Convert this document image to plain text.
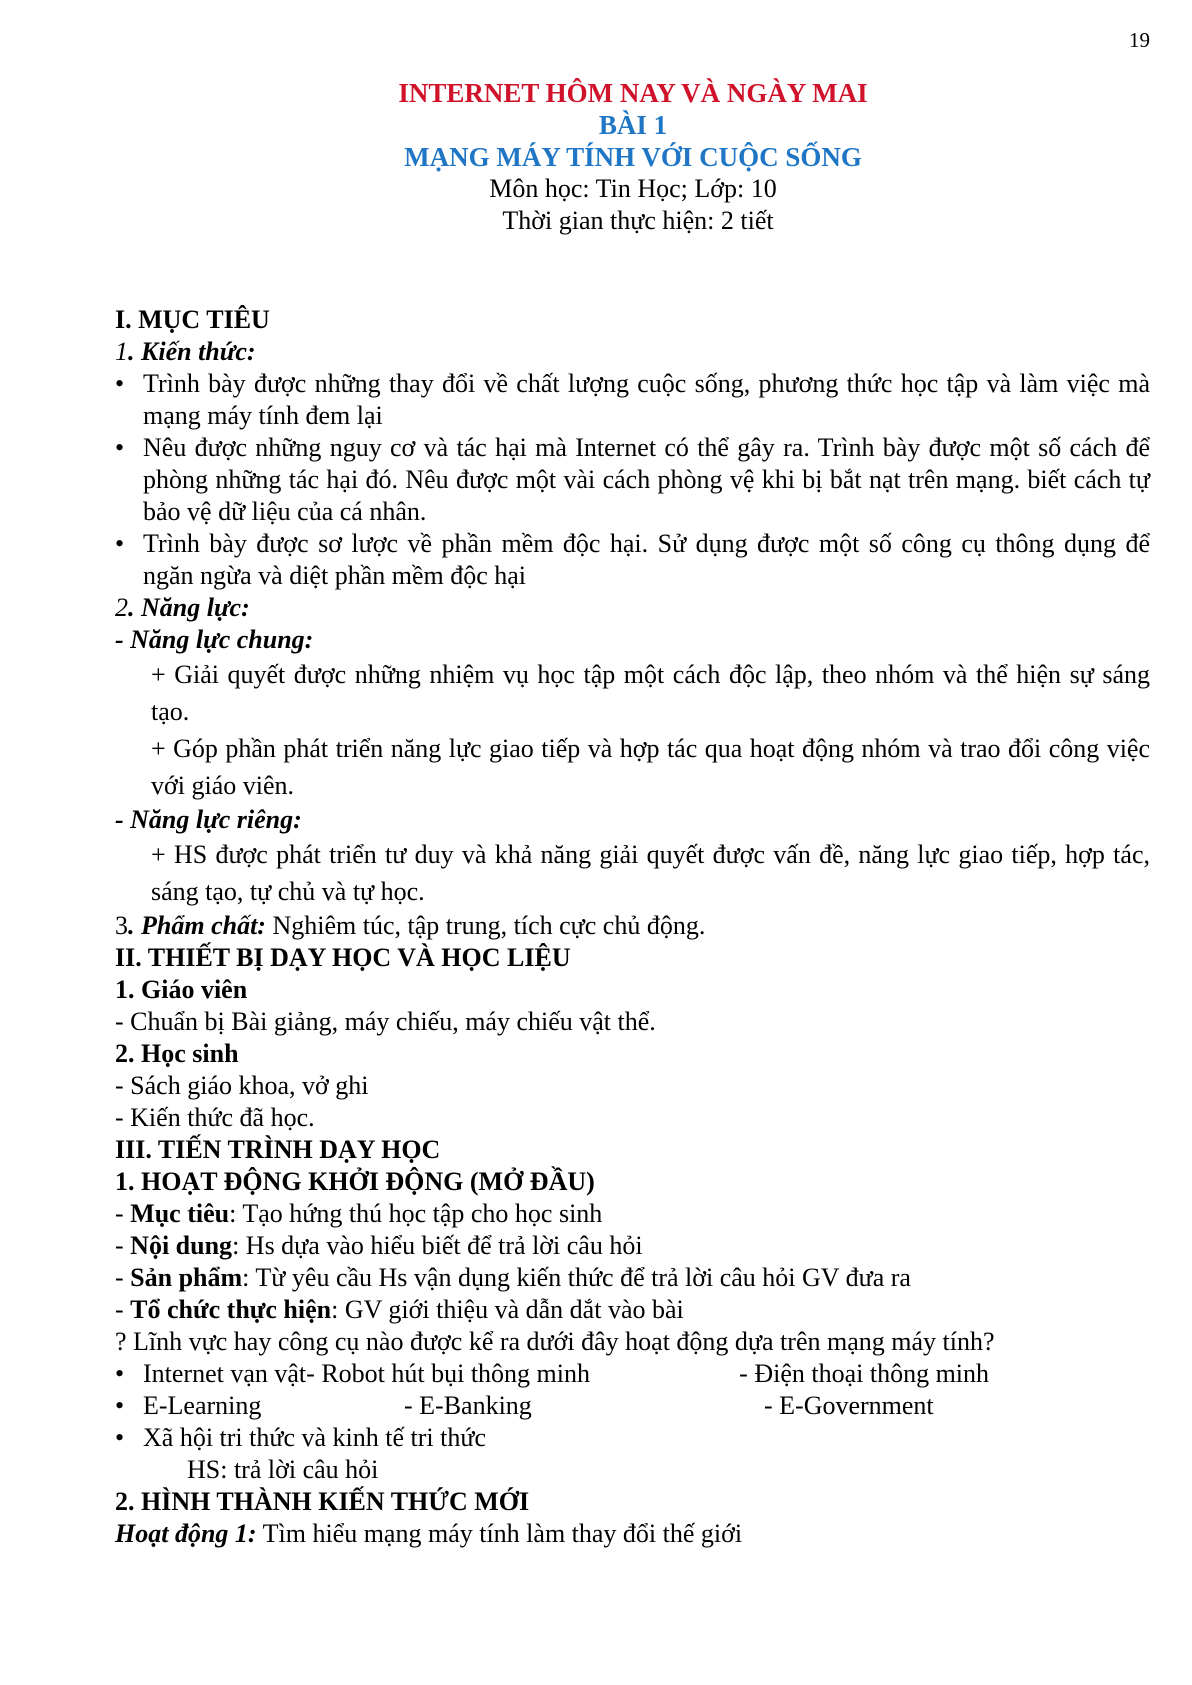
19
INTERNET HÔM NAY VÀ NGÀY MAI
BÀI 1
MẠNG MÁY TÍNH VỚI CUỘC SỐNG
Môn học: Tin Học; Lớp: 10
Thời gian thực hiện: 2 tiết
I. MỤC TIÊU
1. Kiến thức:
• Trình bày được những thay đổi về chất lượng cuộc sống, phương thức học tập và làm việc mà mạng máy tính đem lại
• Nêu được những nguy cơ và tác hại mà Internet có thể gây ra. Trình bày được một số cách để phòng những tác hại đó. Nêu được một vài cách phòng vệ khi bị bắt nạt trên mạng. biết cách tự bảo vệ dữ liệu của cá nhân.
• Trình bày được sơ lược về phần mềm độc hại. Sử dụng được một số công cụ thông dụng để ngăn ngừa và diệt phần mềm độc hại
2. Năng lực:
- Năng lực chung:
+ Giải quyết được những nhiệm vụ học tập một cách độc lập, theo nhóm và thể hiện sự sáng tạo.
+ Góp phần phát triển năng lực giao tiếp và hợp tác qua hoạt động nhóm và trao đổi công việc với giáo viên.
- Năng lực riêng:
+ HS được phát triển tư duy và khả năng giải quyết được vấn đề, năng lực giao tiếp, hợp tác, sáng tạo, tự chủ và tự học.
3. Phẩm chất: Nghiêm túc, tập trung, tích cực chủ động.
II. THIẾT BỊ DẠY HỌC VÀ HỌC LIỆU
1. Giáo viên
- Chuẩn bị Bài giảng, máy chiếu, máy chiếu vật thể.
2. Học sinh
- Sách giáo khoa, vở ghi
- Kiến thức đã học.
III. TIẾN TRÌNH DẠY HỌC
1. HOẠT ĐỘNG KHỞI ĐỘNG (MỞ ĐẦU)
- Mục tiêu: Tạo hứng thú học tập cho học sinh
- Nội dung: Hs dựa vào hiểu biết để trả lời câu hỏi
- Sản phẩm: Từ yêu cầu Hs vận dụng kiến thức để trả lời câu hỏi GV đưa ra
- Tổ chức thực hiện: GV giới thiệu và dẫn dắt vào bài
? Lĩnh vực hay công cụ nào được kể ra dưới đây hoạt động dựa trên mạng máy tính?
• Internet vạn vật - Robot hút bụi thông minh	- Điện thoại thông minh
• E-Learning	- E-Banking	- E-Government
• Xã hội tri thức và kinh tế tri thức
HS: trả lời câu hỏi
2. HÌNH THÀNH KIẾN THỨC MỚI
Hoạt động 1: Tìm hiểu mạng máy tính làm thay đổi thế giới
